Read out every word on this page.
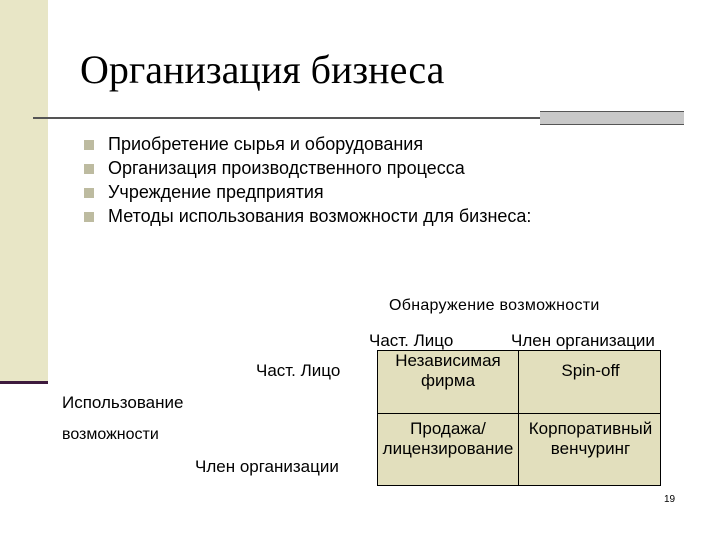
Организация бизнеса
Приобретение сырья и оборудования
Организация производственного процесса
Учреждение предприятия
Методы использования возможности для бизнеса:
Обнаружение возможности
Част. Лицо	Член организации
Част. Лицо
Член организации
Использование
возможности
Независимая
фирма
Spin-off
Продажа/
лицензирование
Корпоративный
венчуринг
19
